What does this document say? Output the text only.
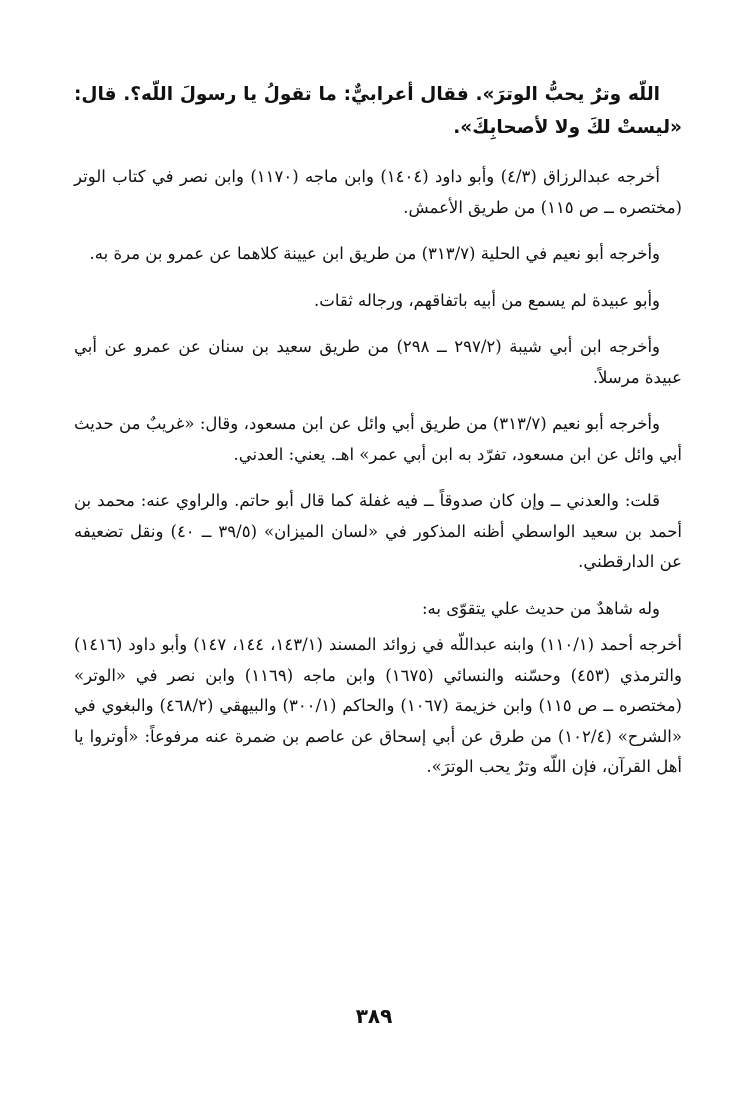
اللّه وترٌ يحبُّ الوترَ». فقال أعرابيٌّ: ما تقولُ يا رسولَ اللّه؟. قال: «ليستْ لكَ ولا لأصحابِكَ».

أخرجه عبدالرزاق (٤/٣) وأبو داود (١٤٠٤) وابن ماجه (١١٧٠) وابن نصر في كتاب الوتر (مختصره ــ ص ١١٥) من طريق الأعمش.

وأخرجه أبو نعيم في الحلية (٣١٣/٧) من طريق ابن عيينة كلاهما عن عمرو بن مرة به.

وأبو عبيدة لم يسمع من أبيه باتفاقهم، ورجاله ثقات.

وأخرجه ابن أبي شيبة (٢٩٧/٢ ــ ٢٩٨) من طريق سعيد بن سنان عن عمرو عن أبي عبيدة مرسلاً.

وأخرجه أبو نعيم (٣١٣/٧) من طريق أبي وائل عن ابن مسعود، وقال: «غريبٌ من حديث أبي وائل عن ابن مسعود، تفرّد به ابن أبي عمر» اهـ. يعني: العدني.

قلت: والعدني ــ وإن كان صدوقاً ــ فيه غفلة كما قال أبو حاتم. والراوي عنه: محمد بن أحمد بن سعيد الواسطي أظنه المذكور في «لسان الميزان» (٣٩/٥ ــ ٤٠) ونقل تضعيفه عن الدارقطني.

وله شاهدٌ من حديث علي يتقوّى به:

أخرجه أحمد (١١٠/١) وابنه عبداللّه في زوائد المسند (١٤٣/١، ١٤٤، ١٤٧) وأبو داود (١٤١٦) والترمذي (٤٥٣) وحسّنه والنسائي (١٦٧٥) وابن ماجه (١١٦٩) وابن نصر في «الوتر» (مختصره ــ ص ١١٥) وابن خزيمة (١٠٦٧) والحاكم (٣٠٠/١) والبيهقي (٤٦٨/٢) والبغوي في «الشرح» (١٠٢/٤) من طرق عن أبي إسحاق عن عاصم بن ضمرة عنه مرفوعاً: «أوتروا يا أهل القرآن، فإن اللّه وترٌ يحب الوترَ».

٣٨٩
